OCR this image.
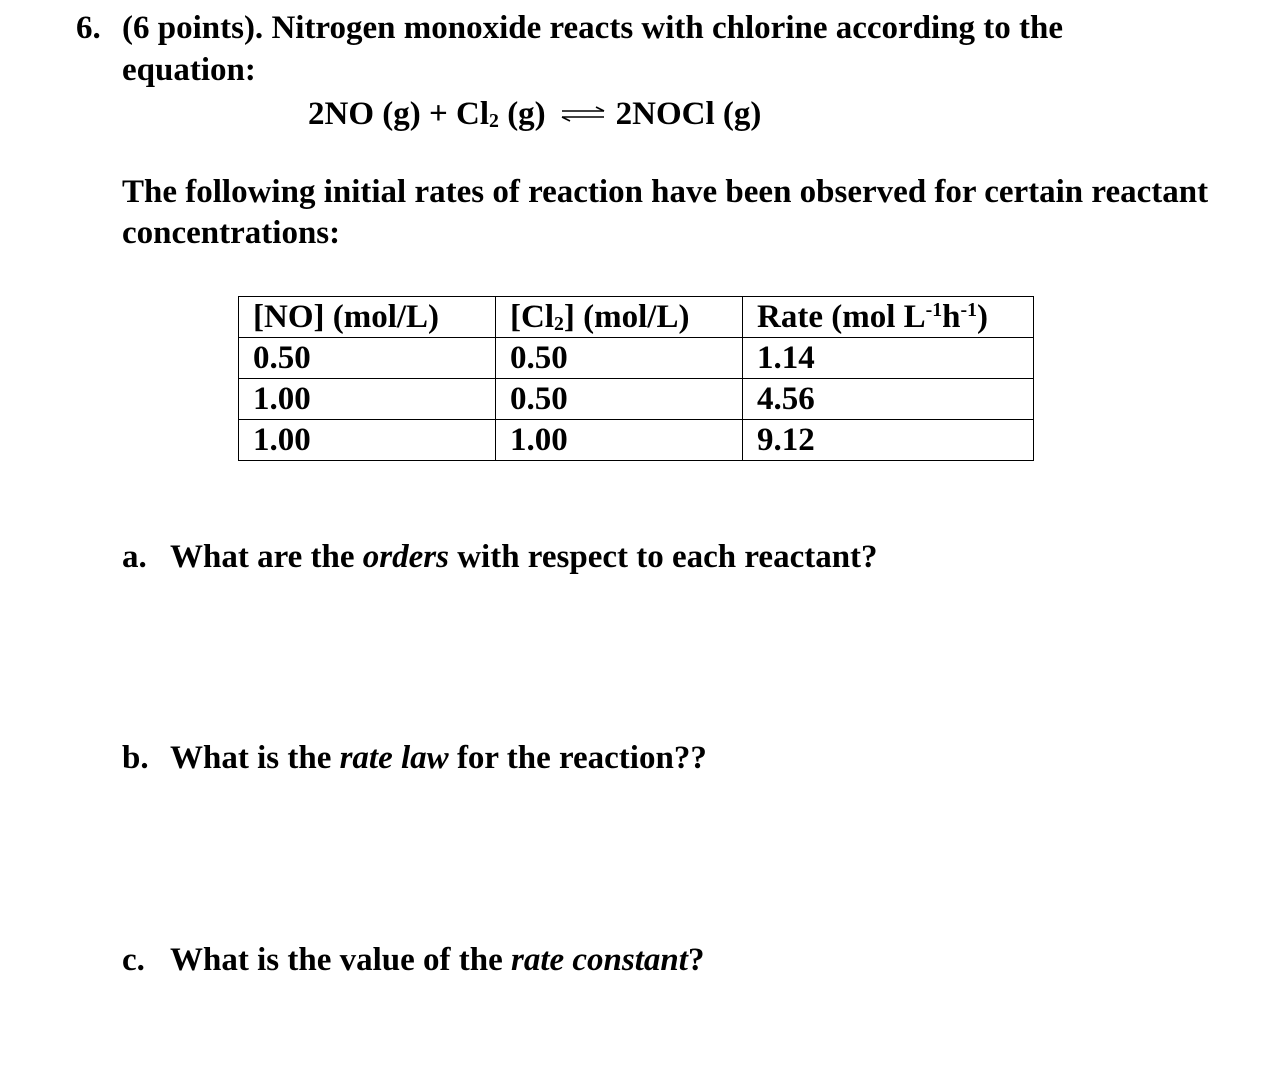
6. (6 points). Nitrogen monoxide reacts with chlorine according to the
equation:
2NO $(g) + Cl_2$ (g) ⇌ 2NOCl (g)
The following initial rates of reaction have been observed for certain reactant concentrations:
[NO] (mol/L)	$[Cl_2]$ (mol/L)	Rate (mol $L^{-1}h^{-1}$)
0.50	0.50	1.14
1.00	0.50	4.56
1.00	1.00	9.12
a. What are the orders with respect to each reactant?
b. What is the rate law for the reaction??
c. What is the value of the rate constant?
